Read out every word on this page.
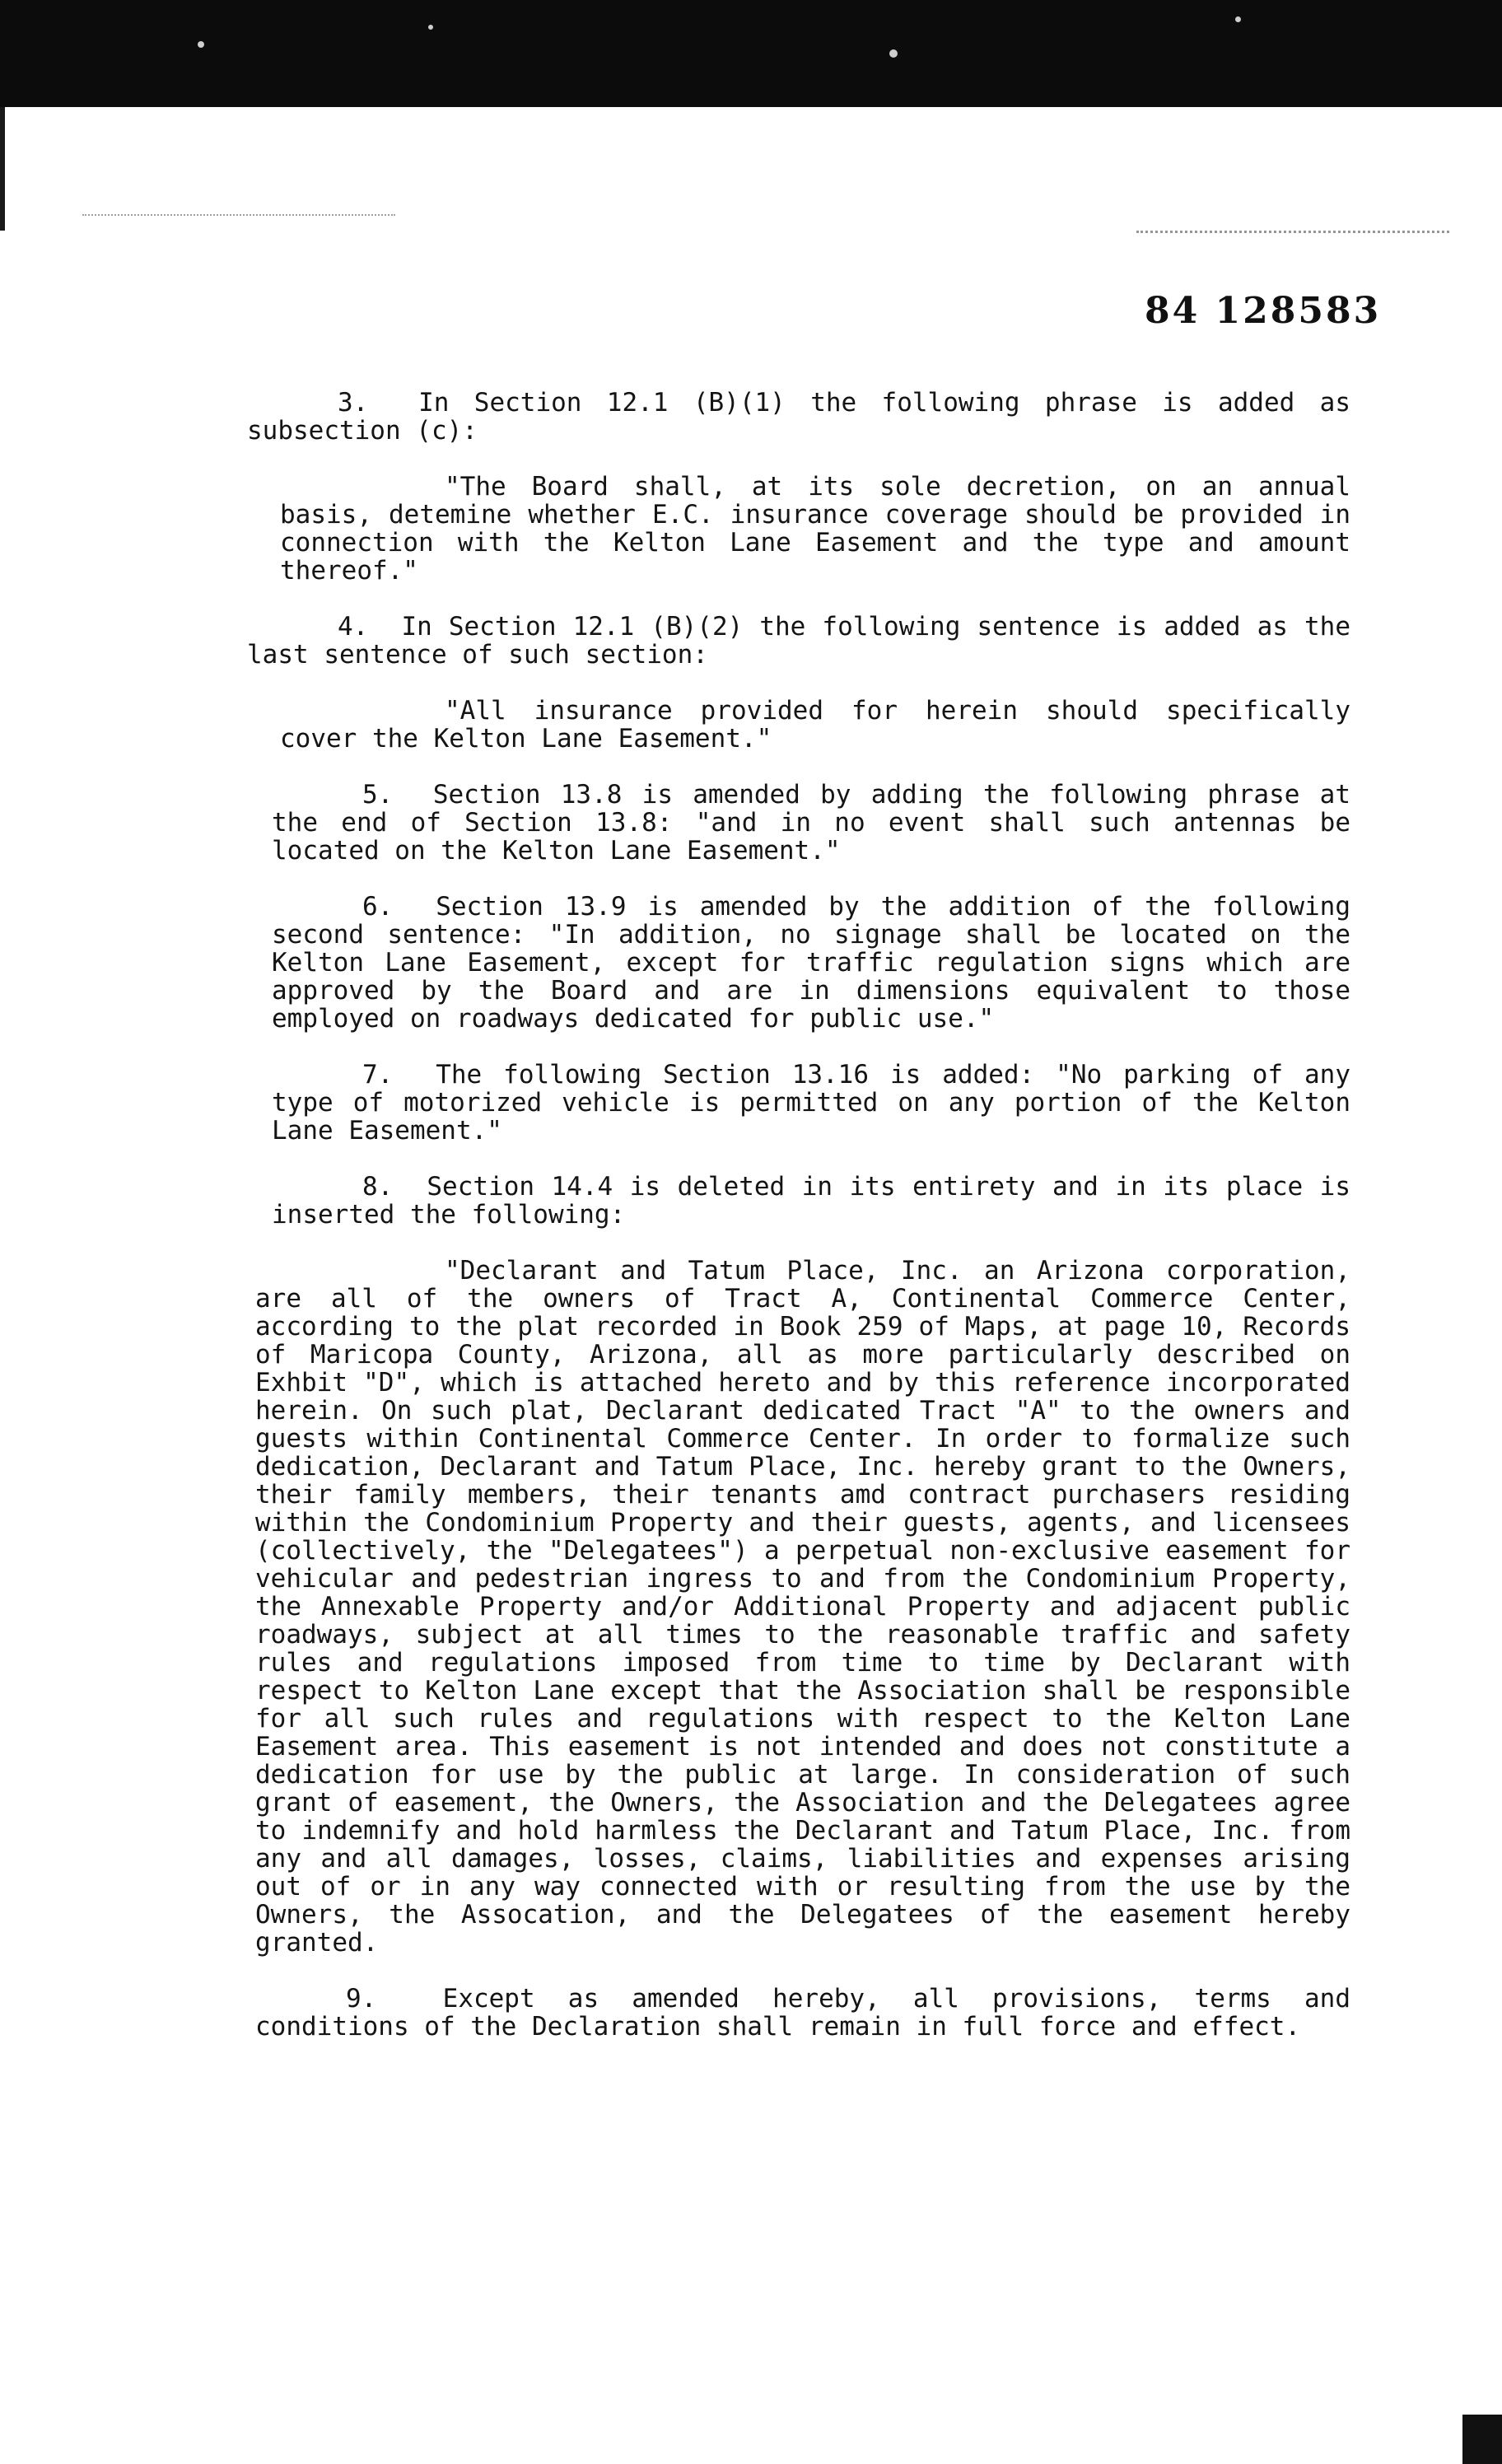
84 128583

3.  In Section 12.1 (B)(1) the following phrase is added as subsection (c):

"The Board shall, at its sole decretion, on an annual basis, detemine whether E.C. insurance coverage should be provided in connection with the Kelton Lane Easement and the type and amount thereof."

4.  In Section 12.1 (B)(2) the following sentence is added as the last sentence of such section:

"All insurance provided for herein should specifically cover the Kelton Lane Easement."

5.  Section 13.8 is amended by adding the following phrase at the end of Section 13.8: "and in no event shall such antennas be located on the Kelton Lane Easement."

6.  Section 13.9 is amended by the addition of the following second sentence: "In addition, no signage shall be located on the Kelton Lane Easement, except for traffic regulation signs which are approved by the Board and are in dimensions equivalent to those employed on roadways dedicated for public use."

7.  The following Section 13.16 is added: "No parking of any type of motorized vehicle is permitted on any portion of the Kelton Lane Easement."

8.  Section 14.4 is deleted in its entirety and in its place is inserted the following:

"Declarant and Tatum Place, Inc. an Arizona corporation, are all of the owners of Tract A, Continental Commerce Center, according to the plat recorded in Book 259 of Maps, at page 10, Records of Maricopa County, Arizona, all as more particularly described on Exhbit "D", which is attached hereto and by this reference incorporated herein. On such plat, Declarant dedicated Tract "A" to the owners and guests within Continental Commerce Center. In order to formalize such dedication, Declarant and Tatum Place, Inc. hereby grant to the Owners, their family members, their tenants amd contract purchasers residing within the Condominium Property and their guests, agents, and licensees (collectively, the "Delegatees") a perpetual non-exclusive easement for vehicular and pedestrian ingress to and from the Condominium Property, the Annexable Property and/or Additional Property and adjacent public roadways, subject at all times to the reasonable traffic and safety rules and regulations imposed from time to time by Declarant with respect to Kelton Lane except that the Association shall be responsible for all such rules and regulations with respect to the Kelton Lane Easement area. This easement is not intended and does not constitute a dedication for use by the public at large. In consideration of such grant of easement, the Owners, the Association and the Delegatees agree to indemnify and hold harmless the Declarant and Tatum Place, Inc. from any and all damages, losses, claims, liabilities and expenses arising out of or in any way connected with or resulting from the use by the Owners, the Assocation, and the Delegatees of the easement hereby granted.

9.  Except as amended hereby, all provisions, terms and conditions of the Declaration shall remain in full force and effect.
